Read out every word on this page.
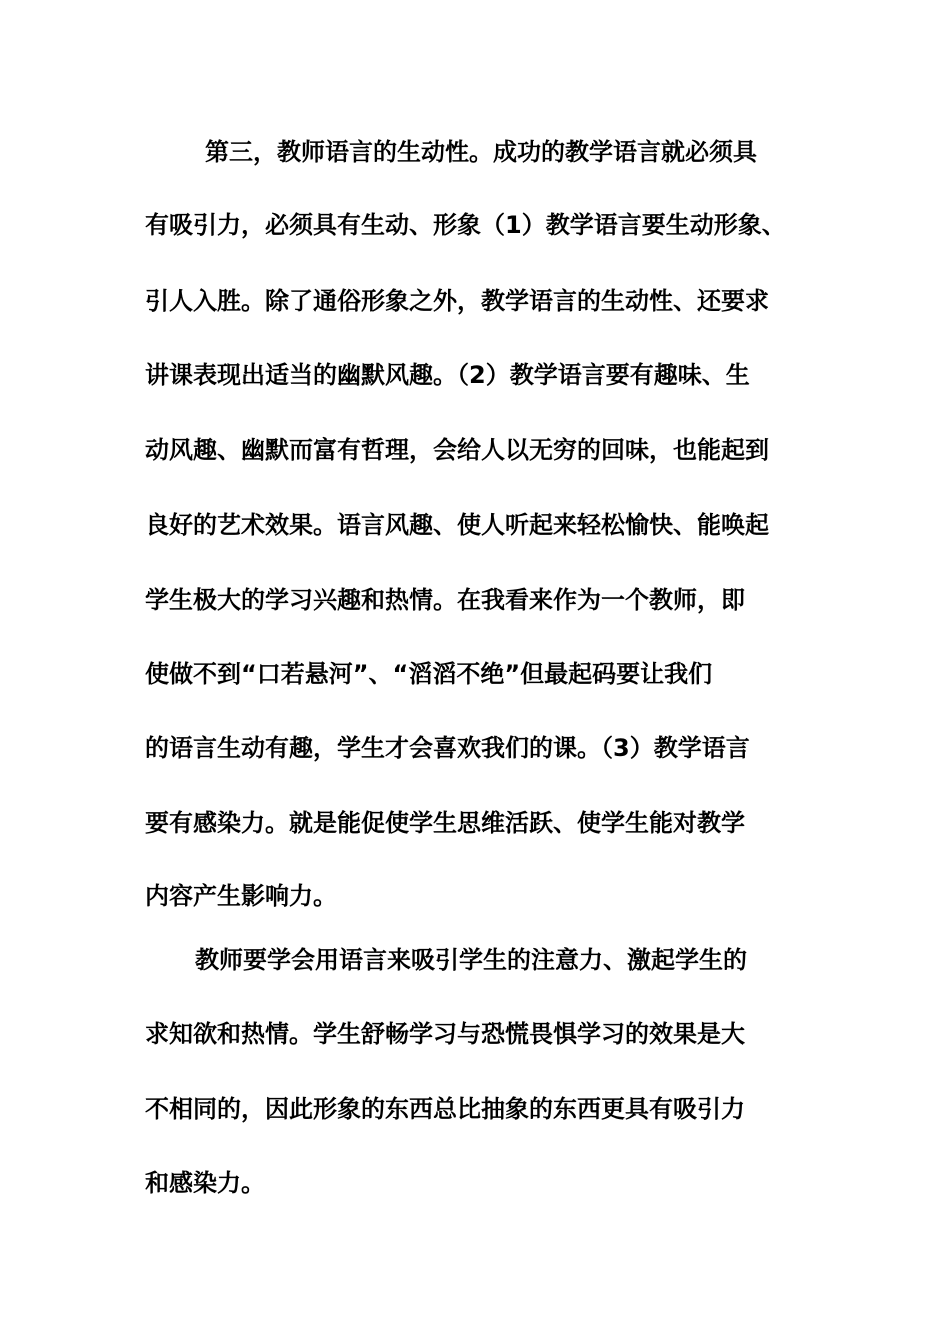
第三，教师语言的生动性。成功的教学语言就必须具
有吸引力，必须具有生动、形象（1）教学语言要生动形象、
引人入胜。除了通俗形象之外，教学语言的生动性、还要求
讲课表现出适当的幽默风趣。（2）教学语言要有趣味、生
动风趣、幽默而富有哲理，会给人以无穷的回味，也能起到
良好的艺术效果。语言风趣、使人听起来轻松愉快、能唤起
学生极大的学习兴趣和热情。在我看来作为一个教师，即
使做不到“口若悬河”、“滔滔不绝”但最起码要让我们
的语言生动有趣，学生才会喜欢我们的课。（3）教学语言
要有感染力。就是能促使学生思维活跃、使学生能对教学
内容产生影响力。
教师要学会用语言来吸引学生的注意力、激起学生的
求知欲和热情。学生舒畅学习与恐慌畏惧学习的效果是大
不相同的，因此形象的东西总比抽象的东西更具有吸引力
和感染力。
